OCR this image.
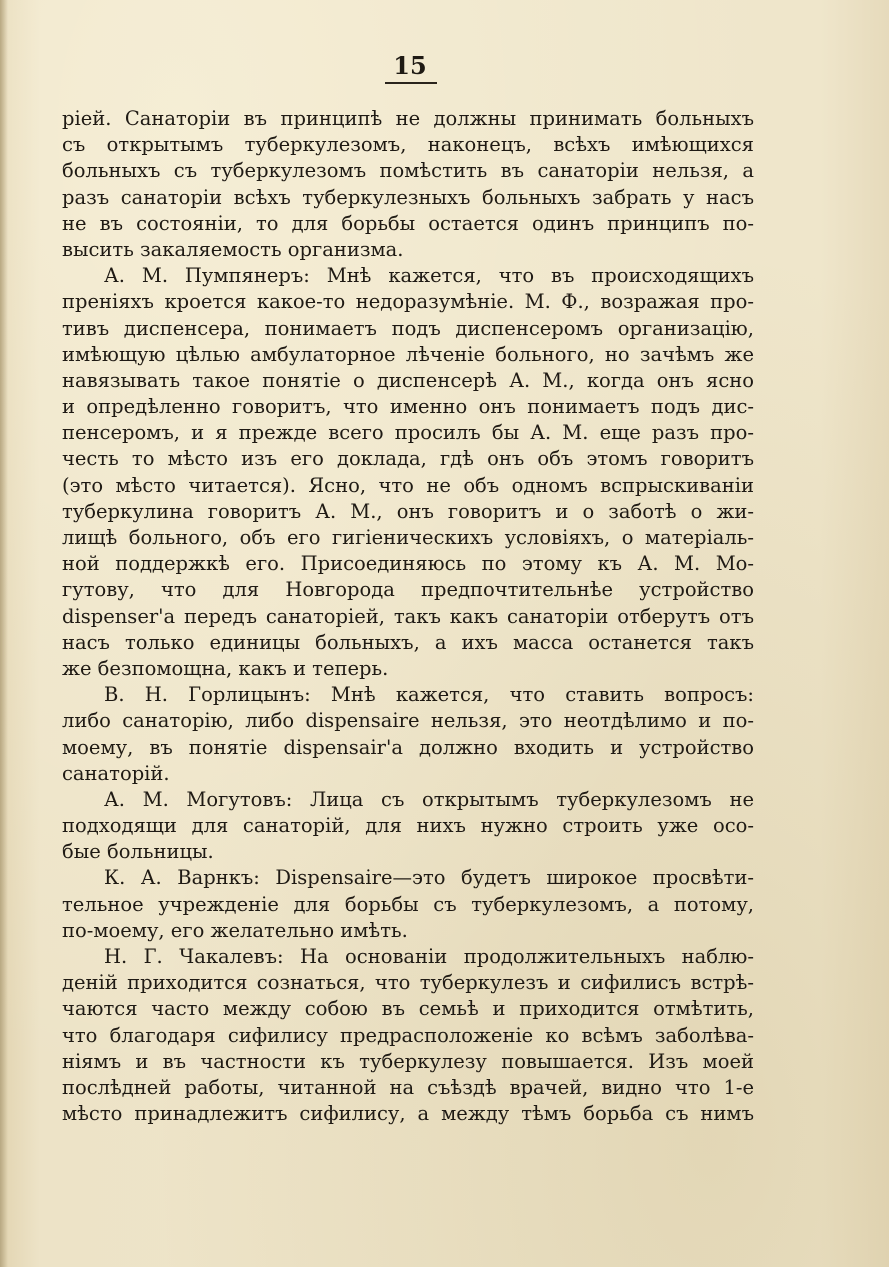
15
ріей. Санаторіи въ принципѣ не должны принимать больныхъ
съ открытымъ туберкулезомъ, наконецъ, всѣхъ имѣющихся
больныхъ съ туберкулезомъ помѣстить въ санаторіи нельзя, а
разъ санаторіи всѣхъ туберкулезныхъ больныхъ забрать у насъ
не въ состояніи, то для борьбы остается одинъ принципъ по-
высить закаляемость организма.
А. М. Пумпянеръ: Мнѣ кажется, что въ происходящихъ
преніяхъ кроется какое-то недоразумѣніе. М. Ф., возражая про-
тивъ диспенсера, понимаетъ подъ диспенсеромъ организацію,
имѣющую цѣлью амбулаторное лѣченіе больного, но зачѣмъ же
навязывать такое понятіе о диспенсерѣ А. М., когда онъ ясно
и опредѣленно говоритъ, что именно онъ понимаетъ подъ дис-
пенсеромъ, и я прежде всего просилъ бы А. М. еще разъ про-
честь то мѣсто изъ его доклада, гдѣ онъ объ этомъ говоритъ
(это мѣсто читается). Ясно, что не объ одномъ вспрыскиваніи
туберкулина говоритъ А. М., онъ говоритъ и о заботѣ о жи-
лищѣ больного, объ его гигіеническихъ условіяхъ, о матеріаль-
ной поддержкѣ его. Присоединяюсь по этому къ А. М. Мо-
гутову, что для Новгорода предпочтительнѣе устройство
dispenser'а передъ санаторіей, такъ какъ санаторіи отберутъ отъ
насъ только единицы больныхъ, а ихъ масса останется такъ
же безпомощна, какъ и теперь.
В. Н. Горлицынъ: Мнѣ кажется, что ставить вопросъ:
либо санаторію, либо dispensaire нельзя, это неотдѣлимо и по-
моему, въ понятіе dispensair'а должно входить и устройство
санаторій.
А. М. Могутовъ: Лица съ открытымъ туберкулезомъ не
подходящи для санаторій, для нихъ нужно строить уже осо-
бые больницы.
К. А. Варнкъ: Dispensaire—это будетъ широкое просвѣти-
тельное учрежденіе для борьбы съ туберкулезомъ, а потому,
по-моему, его желательно имѣть.
Н. Г. Чакалевъ: На основаніи продолжительныхъ наблю-
деній приходится сознаться, что туберкулезъ и сифилисъ встрѣ-
чаются часто между собою въ семьѣ и приходится отмѣтить,
что благодаря сифилису предрасположеніе ко всѣмъ заболѣва-
ніямъ и въ частности къ туберкулезу повышается. Изъ моей
послѣдней работы, читанной на съѣздѣ врачей, видно что 1-е
мѣсто принадлежитъ сифилису, а между тѣмъ борьба съ нимъ
